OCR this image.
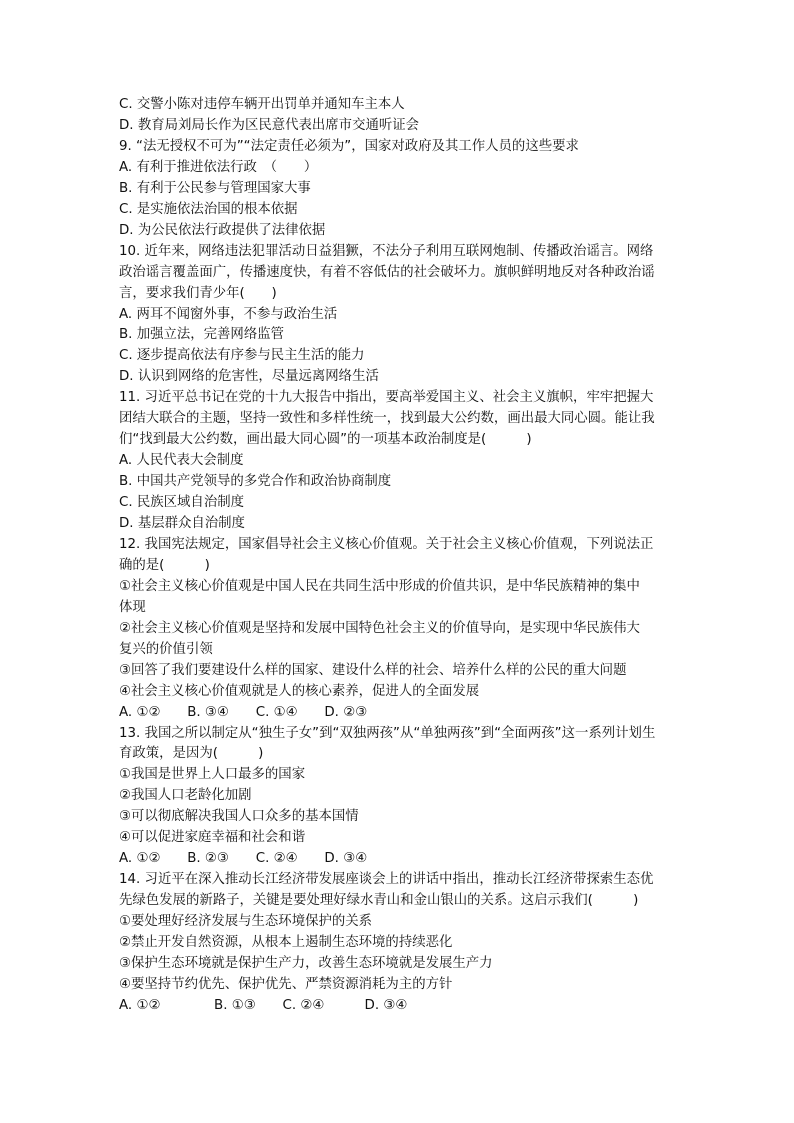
C. 交警小陈对违停车辆开出罚单并通知车主本人
D. 教育局刘局长作为区民意代表出席市交通听证会
9. “法无授权不可为”“法定责任必须为”，国家对政府及其工作人员的这些要求
A. 有利于推进依法行政　（　　）
B. 有利于公民参与管理国家大事
C. 是实施依法治国的根本依据
D. 为公民依法行政提供了法律依据
10. 近年来，网络违法犯罪活动日益猖獗，不法分子利用互联网炮制、传播政治谣言。网络
政治谣言覆盖面广，传播速度快，有着不容低估的社会破坏力。旗帜鲜明地反对各种政治谣
言，要求我们青少年(　　)
A. 两耳不闻窗外事，不参与政治生活
B. 加强立法，完善网络监管
C. 逐步提高依法有序参与民主生活的能力
D. 认识到网络的危害性，尽量远离网络生活
11. 习近平总书记在党的十九大报告中指出，要高举爱国主义、社会主义旗帜，牢牢把握大
团结大联合的主题，坚持一致性和多样性统一，找到最大公约数，画出最大同心圆。能让我
们“找到最大公约数，画出最大同心圆”的一项基本政治制度是(　　　)
A. 人民代表大会制度
B. 中国共产党领导的多党合作和政治协商制度
C. 民族区域自治制度
D. 基层群众自治制度
12. 我国宪法规定，国家倡导社会主义核心价值观。关于社会主义核心价值观，下列说法正
确的是(　　　)
①社会主义核心价值观是中国人民在共同生活中形成的价值共识，是中华民族精神的集中
体现
②社会主义核心价值观是坚持和发展中国特色社会主义的价值导向，是实现中华民族伟大
复兴的价值引领
③回答了我们要建设什么样的国家、建设什么样的社会、培养什么样的公民的重大问题
④社会主义核心价值观就是人的核心素养，促进人的全面发展
A. ①②　　B. ③④　　C. ①④　　D. ②③
13. 我国之所以制定从“独生子女”到“双独两孩”从“单独两孩”到“全面两孩”这一系列计划生
育政策，是因为(　　　)
①我国是世界上人口最多的国家
②我国人口老龄化加剧
③可以彻底解决我国人口众多的基本国情
④可以促进家庭幸福和社会和谐
A. ①②　　B. ②③　　C. ②④　　D. ③④
14. 习近平在深入推动长江经济带发展座谈会上的讲话中指出，推动长江经济带探索生态优
先绿色发展的新路子，关键是要处理好绿水青山和金山银山的关系。这启示我们(　　　)
①要处理好经济发展与生态环境保护的关系
②禁止开发自然资源，从根本上遏制生态环境的持续恶化
③保护生态环境就是保护生产力，改善生态环境就是发展生产力
④要坚持节约优先、保护优先、严禁资源消耗为主的方针
A. ①②　　　　B. ①③　　C. ②④　　　D. ③④
